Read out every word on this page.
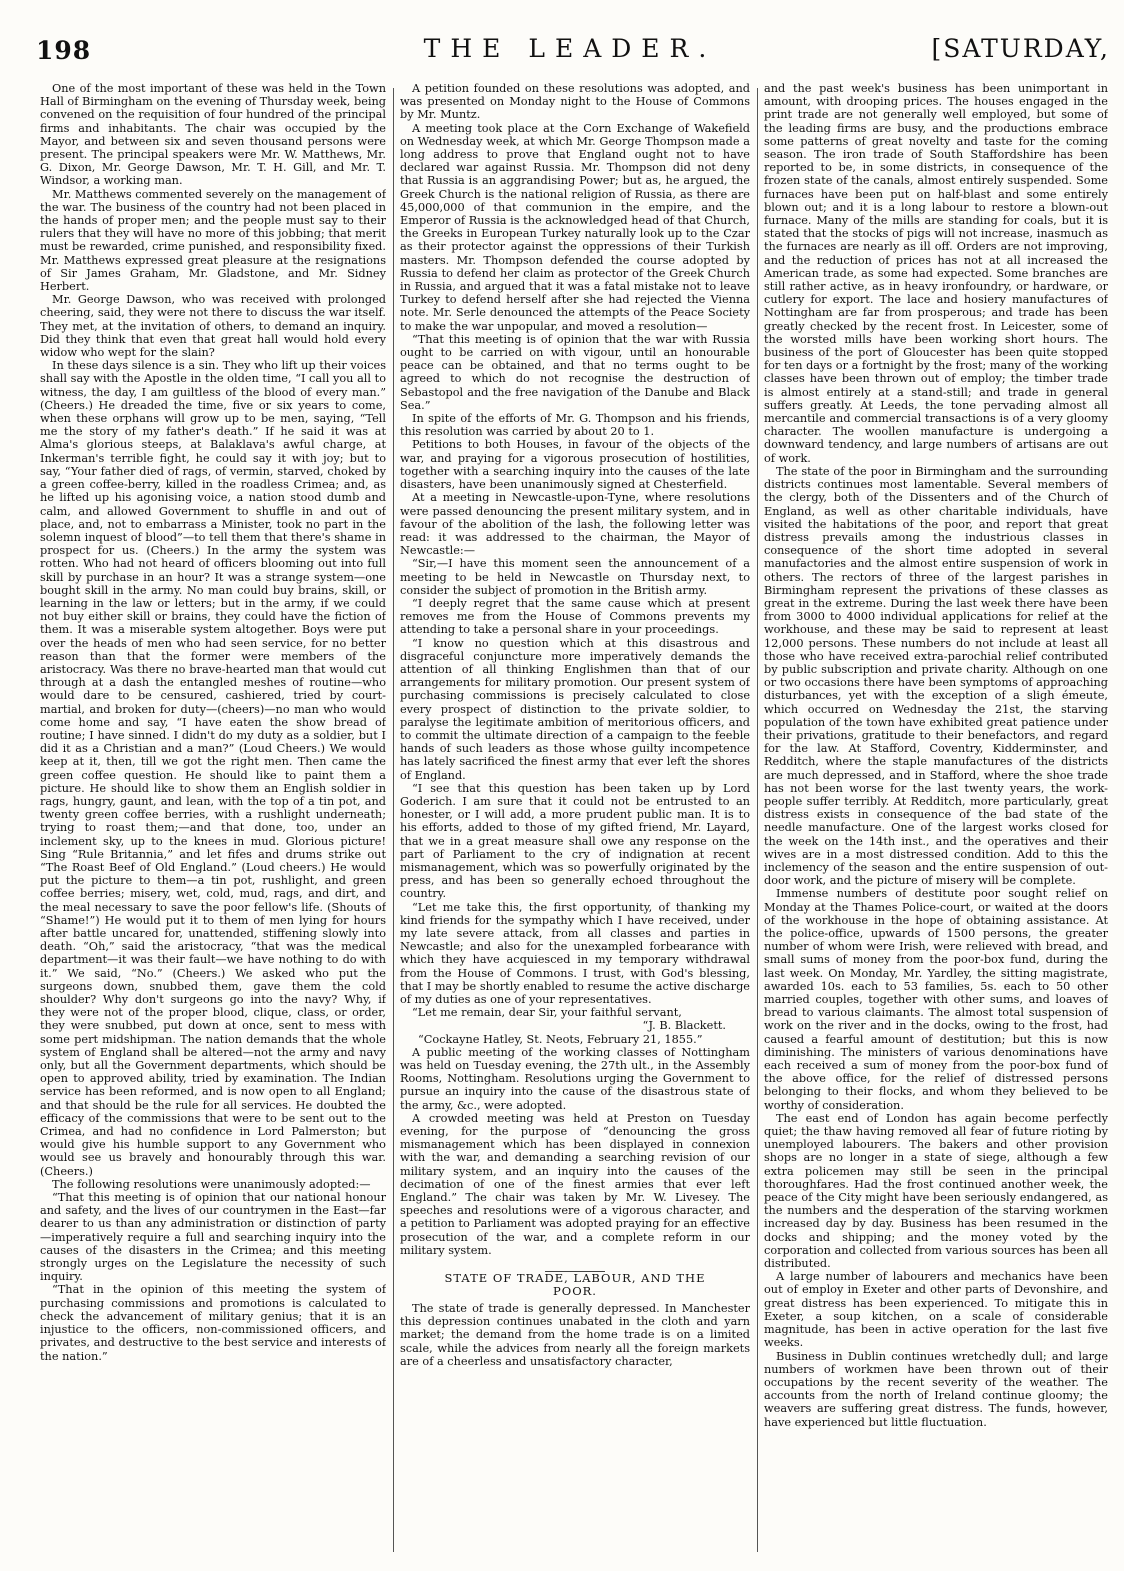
198	THE LEADER.	[SATURDAY,

One of the most important of these was held in the Town Hall of Birmingham on the evening of Thursday week, being convened on the requisition of four hundred of the principal firms and inhabitants. The chair was occupied by the Mayor, and between six and seven thousand persons were present. The principal speakers were Mr. W. Matthews, Mr. G. Dixon, Mr. George Dawson, Mr. T. H. Gill, and Mr. T. Windsor, a working man.

Mr. Matthews commented severely on the management of the war. The business of the country had not been placed in the hands of proper men; and the people must say to their rulers that they will have no more of this jobbing; that merit must be rewarded, crime punished, and responsibility fixed. Mr. Matthews expressed great pleasure at the resignations of Sir James Graham, Mr. Gladstone, and Mr. Sidney Herbert.

Mr. George Dawson, who was received with prolonged cheering, said, they were not there to discuss the war itself. They met, at the invitation of others, to demand an inquiry. Did they think that even that great hall would hold every widow who wept for the slain?

In these days silence is a sin. They who lift up their voices shall say with the Apostle in the olden time, “I call you all to witness, the day, I am guiltless of the blood of every man.” (Cheers.) He dreaded the time, five or six years to come, when these orphans will grow up to be men, saying, “Tell me the story of my father's death.” If he said it was at Alma's glorious steeps, at Balaklava's awful charge, at Inkerman's terrible fight, he could say it with joy; but to say, “Your father died of rags, of vermin, starved, choked by a green coffee-berry, killed in the roadless Crimea; and, as he lifted up his agonising voice, a nation stood dumb and calm, and allowed Government to shuffle in and out of place, and, not to embarrass a Minister, took no part in the solemn inquest of blood”—to tell them that there's shame in prospect for us. (Cheers.) In the army the system was rotten. Who had not heard of officers blooming out into full skill by purchase in an hour? It was a strange system—one bought skill in the army. No man could buy brains, skill, or learning in the law or letters; but in the army, if we could not buy either skill or brains, they could have the fiction of them. It was a miserable system altogether. Boys were put over the heads of men who had seen service, for no better reason than that the former were members of the aristocracy. Was there no brave-hearted man that would cut through at a dash the entangled meshes of routine—who would dare to be censured, cashiered, tried by court-martial, and broken for duty—(cheers)—no man who would come home and say, “I have eaten the show bread of routine; I have sinned. I didn't do my duty as a soldier, but I did it as a Christian and a man?” (Loud Cheers.) We would keep at it, then, till we got the right men. Then came the green coffee question. He should like to paint them a picture. He should like to show them an English soldier in rags, hungry, gaunt, and lean, with the top of a tin pot, and twenty green coffee berries, with a rushlight underneath; trying to roast them;—and that done, too, under an inclement sky, up to the knees in mud. Glorious picture! Sing “Rule Britannia,” and let fifes and drums strike out “The Roast Beef of Old England.” (Loud cheers.) He would put the picture to them—a tin pot, rushlight, and green coffee berries; misery, wet, cold, mud, rags, and dirt, and the meal necessary to save the poor fellow's life. (Shouts of “Shame!”) He would put it to them of men lying for hours after battle uncared for, unattended, stiffening slowly into death. “Oh,” said the aristocracy, “that was the medical department—it was their fault—we have nothing to do with it.” We said, “No.” (Cheers.) We asked who put the surgeons down, snubbed them, gave them the cold shoulder? Why don't surgeons go into the navy? Why, if they were not of the proper blood, clique, class, or order, they were snubbed, put down at once, sent to mess with some pert midshipman. The nation demands that the whole system of England shall be altered—not the army and navy only, but all the Government departments, which should be open to approved ability, tried by examination. The Indian service has been reformed, and is now open to all England; and that should be the rule for all services. He doubted the efficacy of the commissions that were to be sent out to the Crimea, and had no confidence in Lord Palmerston; but would give his humble support to any Government who would see us bravely and honourably through this war. (Cheers.)

The following resolutions were unanimously adopted:—

“That this meeting is of opinion that our national honour and safety, and the lives of our countrymen in the East—far dearer to us than any administration or distinction of party—imperatively require a full and searching inquiry into the causes of the disasters in the Crimea; and this meeting strongly urges on the Legislature the necessity of such inquiry.

“That in the opinion of this meeting the system of purchasing commissions and promotions is calculated to check the advancement of military genius; that it is an injustice to the officers, non-commissioned officers, and privates, and destructive to the best service and interests of the nation.”

A petition founded on these resolutions was adopted, and was presented on Monday night to the House of Commons by Mr. Muntz.

A meeting took place at the Corn Exchange of Wakefield on Wednesday week, at which Mr. George Thompson made a long address to prove that England ought not to have declared war against Russia. Mr. Thompson did not deny that Russia is an aggrandising Power; but as, he argued, the Greek Church is the national religion of Russia, as there are 45,000,000 of that communion in the empire, and the Emperor of Russia is the acknowledged head of that Church, the Greeks in European Turkey naturally look up to the Czar as their protector against the oppressions of their Turkish masters. Mr. Thompson defended the course adopted by Russia to defend her claim as protector of the Greek Church in Russia, and argued that it was a fatal mistake not to leave Turkey to defend herself after she had rejected the Vienna note. Mr. Serle denounced the attempts of the Peace Society to make the war unpopular, and moved a resolution—

“That this meeting is of opinion that the war with Russia ought to be carried on with vigour, until an honourable peace can be obtained, and that no terms ought to be agreed to which do not recognise the destruction of Sebastopol and the free navigation of the Danube and Black Sea.”

In spite of the efforts of Mr. G. Thompson and his friends, this resolution was carried by about 20 to 1.

Petitions to both Houses, in favour of the objects of the war, and praying for a vigorous prosecution of hostilities, together with a searching inquiry into the causes of the late disasters, have been unanimously signed at Chesterfield.

At a meeting in Newcastle-upon-Tyne, where resolutions were passed denouncing the present military system, and in favour of the abolition of the lash, the following letter was read: it was addressed to the chairman, the Mayor of Newcastle:—

“Sir,—I have this moment seen the announcement of a meeting to be held in Newcastle on Thursday next, to consider the subject of promotion in the British army.

“I deeply regret that the same cause which at present removes me from the House of Commons prevents my attending to take a personal share in your proceedings.

“I know no question which at this disastrous and disgraceful conjuncture more imperatively demands the attention of all thinking Englishmen than that of our arrangements for military promotion. Our present system of purchasing commissions is precisely calculated to close every prospect of distinction to the private soldier, to paralyse the legitimate ambition of meritorious officers, and to commit the ultimate direction of a campaign to the feeble hands of such leaders as those whose guilty incompetence has lately sacrificed the finest army that ever left the shores of England.

“I see that this question has been taken up by Lord Goderich. I am sure that it could not be entrusted to an honester, or I will add, a more prudent public man. It is to his efforts, added to those of my gifted friend, Mr. Layard, that we in a great measure shall owe any response on the part of Parliament to the cry of indignation at recent mismanagement, which was so powerfully originated by the press, and has been so generally echoed throughout the country.

“Let me take this, the first opportunity, of thanking my kind friends for the sympathy which I have received, under my late severe attack, from all classes and parties in Newcastle; and also for the unexampled forbearance with which they have acquiesced in my temporary withdrawal from the House of Commons. I trust, with God's blessing, that I may be shortly enabled to resume the active discharge of my duties as one of your representatives.

“Let me remain, dear Sir, your faithful servant,

“J. B. Blackett.

“Cockayne Hatley, St. Neots, February 21, 1855.”

A public meeting of the working classes of Nottingham was held on Tuesday evening, the 27th ult., in the Assembly Rooms, Nottingham. Resolutions urging the Government to pursue an inquiry into the cause of the disastrous state of the army, &c., were adopted.

A crowded meeting was held at Preston on Tuesday evening, for the purpose of “denouncing the gross mismanagement which has been displayed in connexion with the war, and demanding a searching revision of our military system, and an inquiry into the causes of the decimation of one of the finest armies that ever left England.” The chair was taken by Mr. W. Livesey. The speeches and resolutions were of a vigorous character, and a petition to Parliament was adopted praying for an effective prosecution of the war, and a complete reform in our military system.

STATE OF TRADE, LABOUR, AND THE
POOR.

The state of trade is generally depressed. In Manchester this depression continues unabated in the cloth and yarn market; the demand from the home trade is on a limited scale, while the advices from nearly all the foreign markets are of a cheerless and unsatisfactory character,

and the past week's business has been unimportant in amount, with drooping prices. The houses engaged in the print trade are not generally well employed, but some of the leading firms are busy, and the productions embrace some patterns of great novelty and taste for the coming season. The iron trade of South Staffordshire has been reported to be, in some districts, in consequence of the frozen state of the canals, almost entirely suspended. Some furnaces have been put on half-blast and some entirely blown out; and it is a long labour to restore a blown-out furnace. Many of the mills are standing for coals, but it is stated that the stocks of pigs will not increase, inasmuch as the furnaces are nearly as ill off. Orders are not improving, and the reduction of prices has not at all increased the American trade, as some had expected. Some branches are still rather active, as in heavy ironfoundry, or hardware, or cutlery for export. The lace and hosiery manufactures of Nottingham are far from prosperous; and trade has been greatly checked by the recent frost. In Leicester, some of the worsted mills have been working short hours. The business of the port of Gloucester has been quite stopped for ten days or a fortnight by the frost; many of the working classes have been thrown out of employ; the timber trade is almost entirely at a stand-still; and trade in general suffers greatly. At Leeds, the tone pervading almost all mercantile and commercial transactions is of a very gloomy character. The woollen manufacture is undergoing a downward tendency, and large numbers of artisans are out of work.

The state of the poor in Birmingham and the surrounding districts continues most lamentable. Several members of the clergy, both of the Dissenters and of the Church of England, as well as other charitable individuals, have visited the habitations of the poor, and report that great distress prevails among the industrious classes in consequence of the short time adopted in several manufactories and the almost entire suspension of work in others. The rectors of three of the largest parishes in Birmingham represent the privations of these classes as great in the extreme. During the last week there have been from 3000 to 4000 individual applications for relief at the workhouse, and these may be said to represent at least 12,000 persons. These numbers do not include at least all those who have received extra-parochial relief contributed by public subscription and private charity. Although on one or two occasions there have been symptoms of approaching disturbances, yet with the exception of a sligh émeute, which occurred on Wednesday the 21st, the starving population of the town have exhibited great patience under their privations, gratitude to their benefactors, and regard for the law. At Stafford, Coventry, Kidderminster, and Redditch, where the staple manufactures of the districts are much depressed, and in Stafford, where the shoe trade has not been worse for the last twenty years, the work-people suffer terribly. At Redditch, more particularly, great distress exists in consequence of the bad state of the needle manufacture. One of the largest works closed for the week on the 14th inst., and the operatives and their wives are in a most distressed condition. Add to this the inclemency of the season and the entire suspension of out-door work, and the picture of misery will be complete.

Immense numbers of destitute poor sought relief on Monday at the Thames Police-court, or waited at the doors of the workhouse in the hope of obtaining assistance. At the police-office, upwards of 1500 persons, the greater number of whom were Irish, were relieved with bread, and small sums of money from the poor-box fund, during the last week. On Monday, Mr. Yardley, the sitting magistrate, awarded 10s. each to 53 families, 5s. each to 50 other married couples, together with other sums, and loaves of bread to various claimants. The almost total suspension of work on the river and in the docks, owing to the frost, had caused a fearful amount of destitution; but this is now diminishing. The ministers of various denominations have each received a sum of money from the poor-box fund of the above office, for the relief of distressed persons belonging to their flocks, and whom they believed to be worthy of consideration.

The east end of London has again become perfectly quiet; the thaw having removed all fear of future rioting by unemployed labourers. The bakers and other provision shops are no longer in a state of siege, although a few extra policemen may still be seen in the principal thoroughfares. Had the frost continued another week, the peace of the City might have been seriously endangered, as the numbers and the desperation of the starving workmen increased day by day. Business has been resumed in the docks and shipping; and the money voted by the corporation and collected from various sources has been all distributed.

A large number of labourers and mechanics have been out of employ in Exeter and other parts of Devonshire, and great distress has been experienced. To mitigate this in Exeter, a soup kitchen, on a scale of considerable magnitude, has been in active operation for the last five weeks.

Business in Dublin continues wretchedly dull; and large numbers of workmen have been thrown out of their occupations by the recent severity of the weather. The accounts from the north of Ireland continue gloomy; the weavers are suffering great distress. The funds, however, have experienced but little fluctuation.
